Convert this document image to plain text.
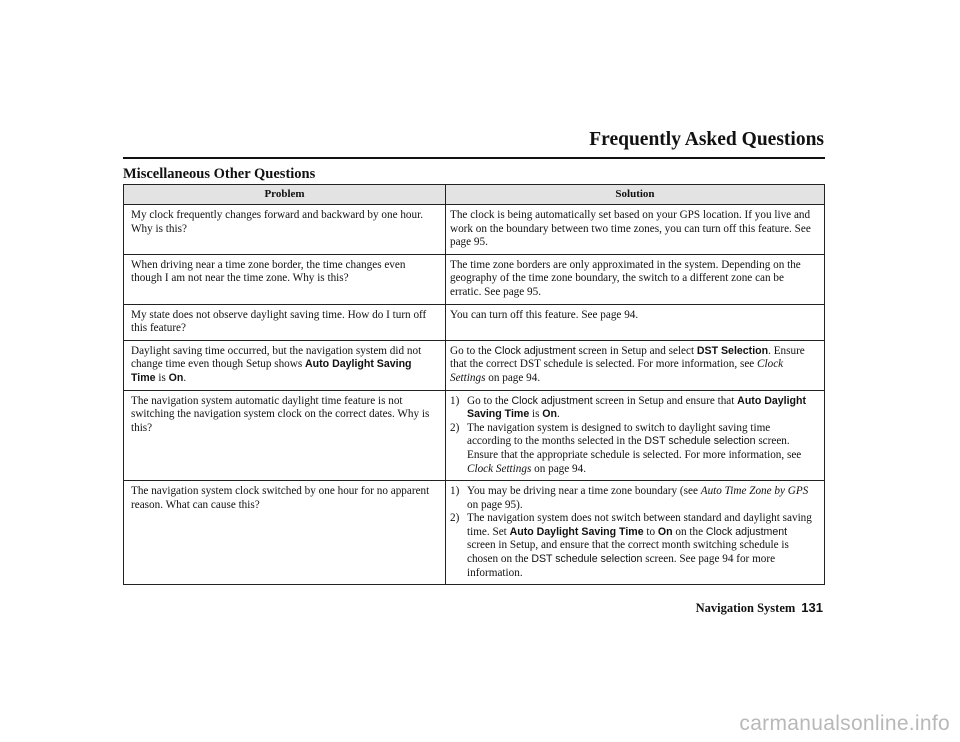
Frequently Asked Questions
Miscellaneous Other Questions
Problem	Solution
My clock frequently changes forward and backward by one hour. Why is this?
The clock is being automatically set based on your GPS location. If you live and work on the boundary between two time zones, you can turn off this feature. See page 95.
When driving near a time zone border, the time changes even though I am not near the time zone. Why is this?
The time zone borders are only approximated in the system. Depending on the geography of the time zone boundary, the switch to a different zone can be erratic. See page 95.
My state does not observe daylight saving time. How do I turn off this feature?
You can turn off this feature. See page 94.
Daylight saving time occurred, but the navigation system did not change time even though Setup shows Auto Daylight Saving Time is On.
Go to the Clock adjustment screen in Setup and select DST Selection. Ensure that the correct DST schedule is selected. For more information, see Clock Settings on page 94.
The navigation system automatic daylight time feature is not switching the navigation system clock on the correct dates. Why is this?
1) Go to the Clock adjustment screen in Setup and ensure that Auto Daylight Saving Time is On.
2) The navigation system is designed to switch to daylight saving time according to the months selected in the DST schedule selection screen. Ensure that the appropriate schedule is selected. For more information, see Clock Settings on page 94.
The navigation system clock switched by one hour for no apparent reason. What can cause this?
1) You may be driving near a time zone boundary (see Auto Time Zone by GPS on page 95).
2) The navigation system does not switch between standard and daylight saving time. Set Auto Daylight Saving Time to On on the Clock adjustment screen in Setup, and ensure that the correct month switching schedule is chosen on the DST schedule selection screen. See page 94 for more information.
Navigation System 131
carmanualsonline.info
